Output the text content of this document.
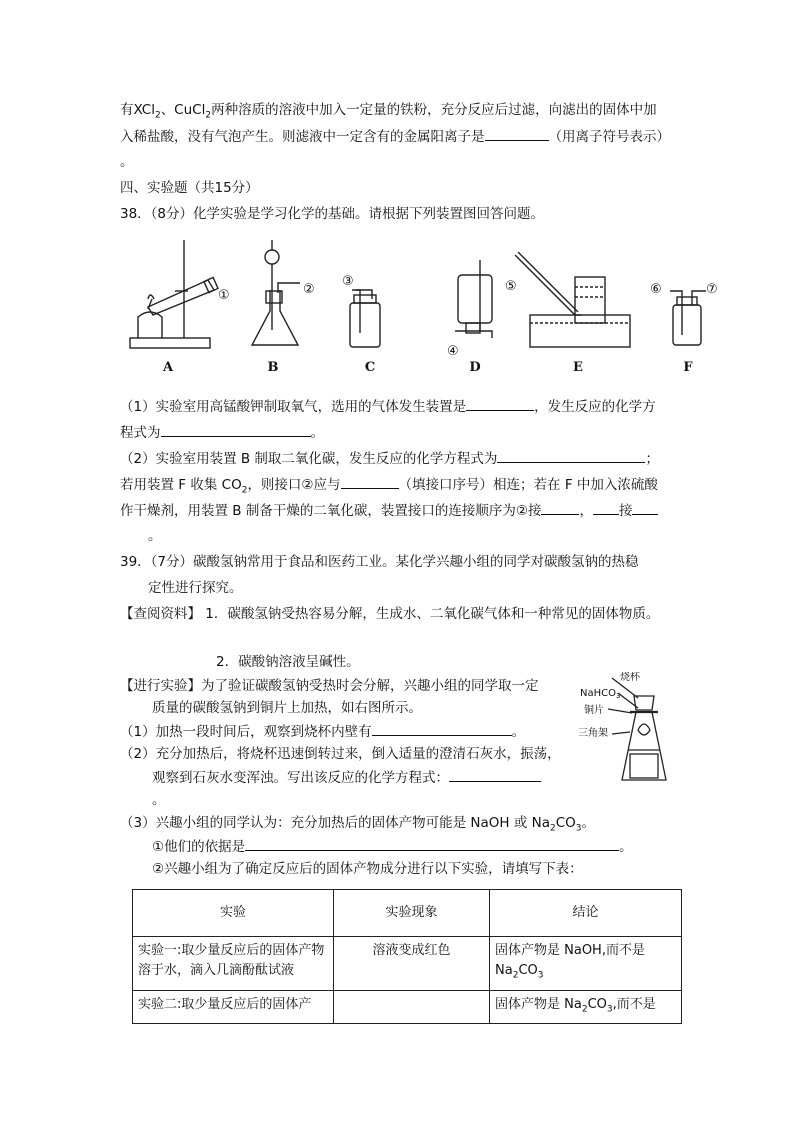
有XCl$_2$、CuCl$_2$两种溶质的溶液中加入一定量的铁粉，充分反应后过滤，向滤出的固体中加
入稀盐酸，没有气泡产生。则滤液中一定含有的金属阳离子是	（用离子符号表示）
。
四、实验题（共15分）
38．（8分）化学实验是学习化学的基础。请根据下列装置图回答问题。
①	②
③
④
⑤	⑥	⑦
A	B	C	D	E	F
（1）实验室用高锰酸钾制取氧气，选用的气体发生装置是	，发生反应的化学方
程式为	。
（2）实验室用装置 B 制取二氧化碳，发生反应的化学方程式为	；
若用装置 F 收集 $CO_2$，则接口②应与	（填接口序号）相连；若在 F 中加入浓硫酸
作干燥剂，用装置 B 制备干燥的二氧化碳，装置接口的连接顺序为②接	， 接
。
39．（7分）碳酸氢钠常用于食品和医药工业。某化学兴趣小组的同学对碳酸氢钠的热稳
定性进行探究。
【查阅资料】 1．碳酸氢钠受热容易分解，生成水、二氧化碳气体和一种常见的固体物质。
2．碳酸钠溶液呈碱性。
【进行实验】为了验证碳酸氢钠受热时会分解，兴趣小组的同学取一定
质量的碳酸氢钠到铜片上加热，如右图所示。
（1）加热一段时间后，观察到烧杯内壁有	。
（2）充分加热后，将烧杯迅速倒转过来，倒入适量的澄清石灰水，振荡，
观察到石灰水变浑浊。写出该反应的化学方程式：
。
（3）兴趣小组的同学认为：充分加热后的固体产物可能是 NaOH 或 $Na_2CO_3$。
①他们的依据是	。
②兴趣小组为了确定反应后的固体产物成分进行以下实验，请填写下表：
烧杯
NaHCO$_3$
铜片
三角架
实验	实验现象	结论
实验一:取少量反应后的固体产物溶于水，滴入几滴酚酞试液	溶液变成红色	固体产物是 NaOH,而不是
$Na_2CO_3$
实验二:取少量反应后的固体产		固体产物是 $Na_2CO_3$,而不是
